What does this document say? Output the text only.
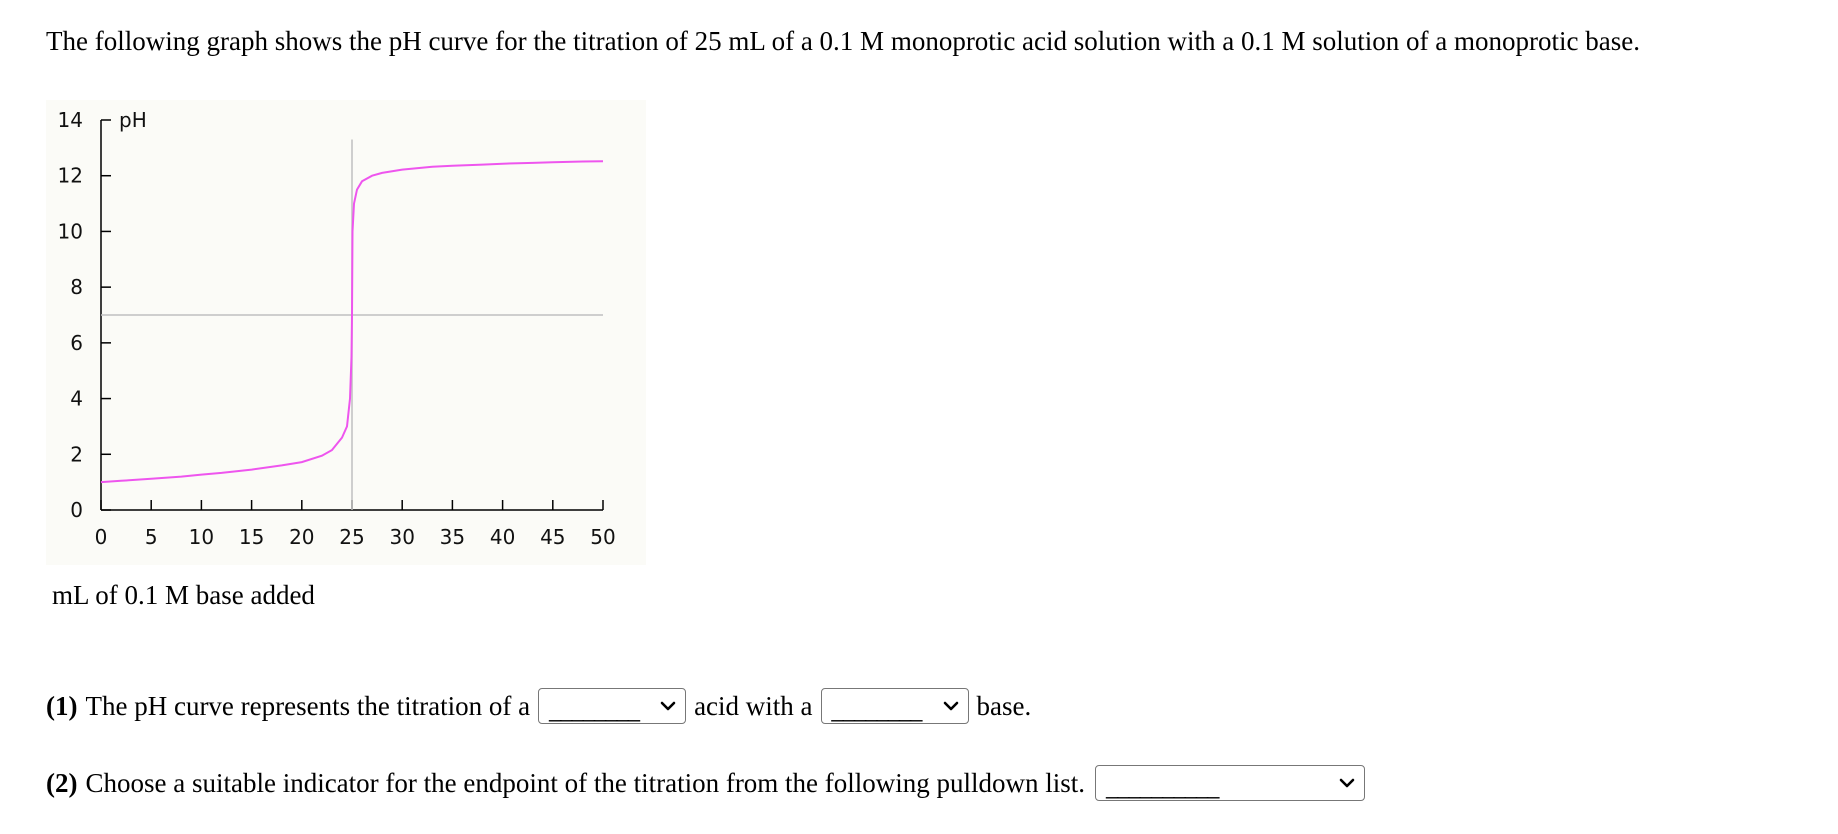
The following graph shows the pH curve for the titration of 25 mL of a 0.1 M monoprotic acid solution with a 0.1 M solution of a monoprotic base.
0
2
4
6
8
10
12
14
0 5 10 15 20 25 30 35 40 45 50
pH
mL of 0.1 M base added
(1) The pH curve represents the titration of a ________ acid with a ________ base.
(2) Choose a suitable indicator for the endpoint of the titration from the following pulldown list. __________
